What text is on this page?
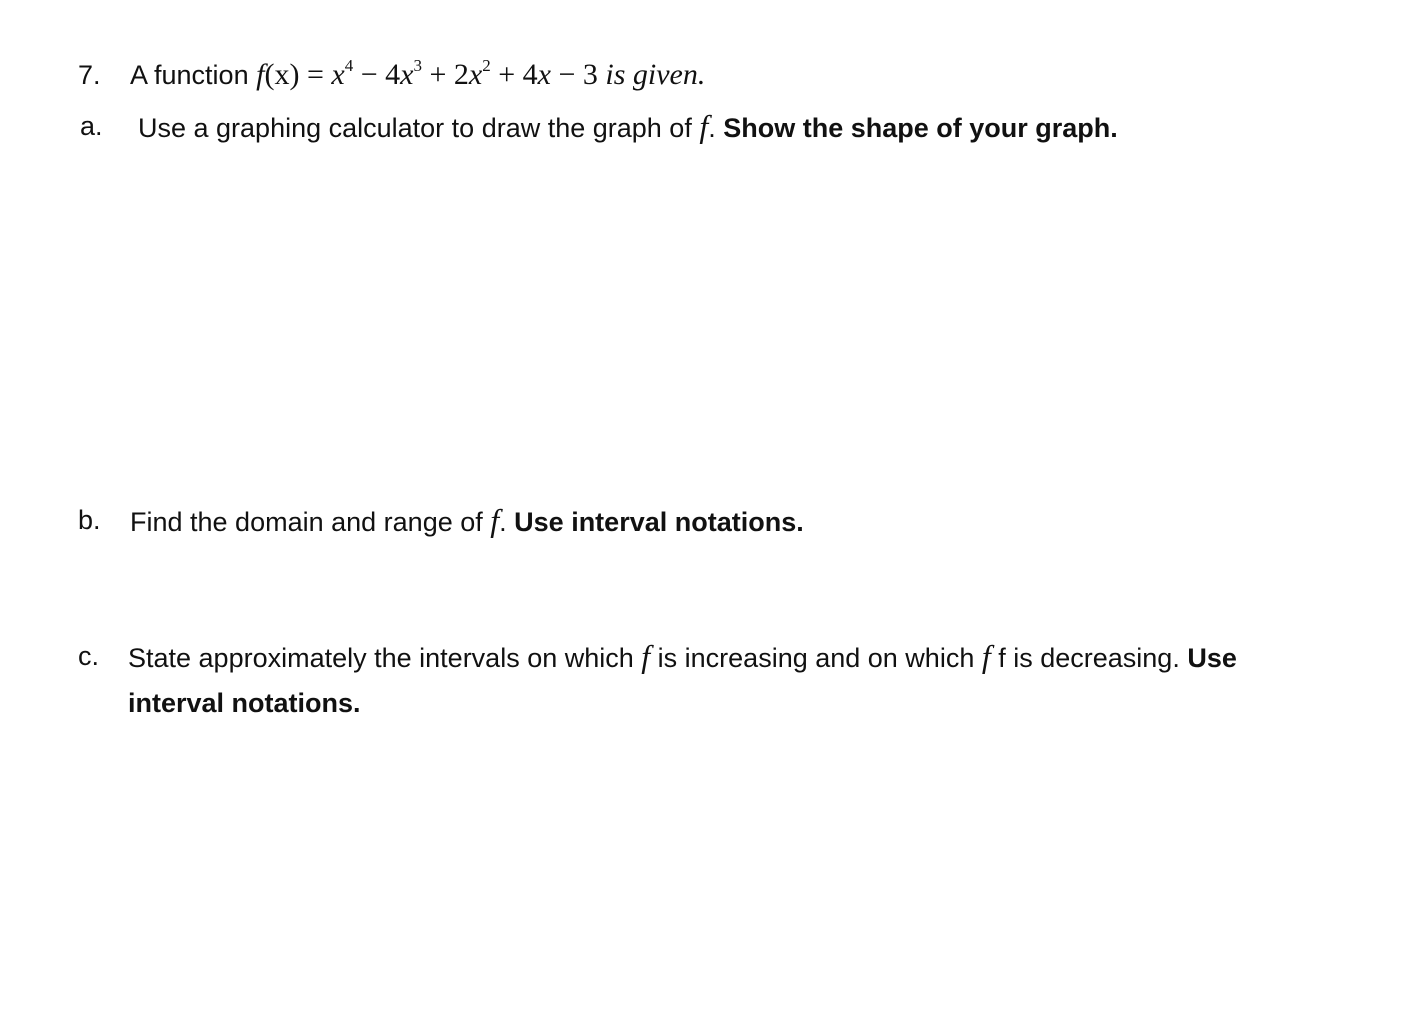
7. A function $f(x) = x^4 - 4x^3 + 2x^2 + 4x - 3$ is given.
a. Use a graphing calculator to draw the graph of f. Show the shape of your graph.
b. Find the domain and range of f. Use interval notations.
c. State approximately the intervals on which f is increasing and on which f f is decreasing. Use
interval notations.
